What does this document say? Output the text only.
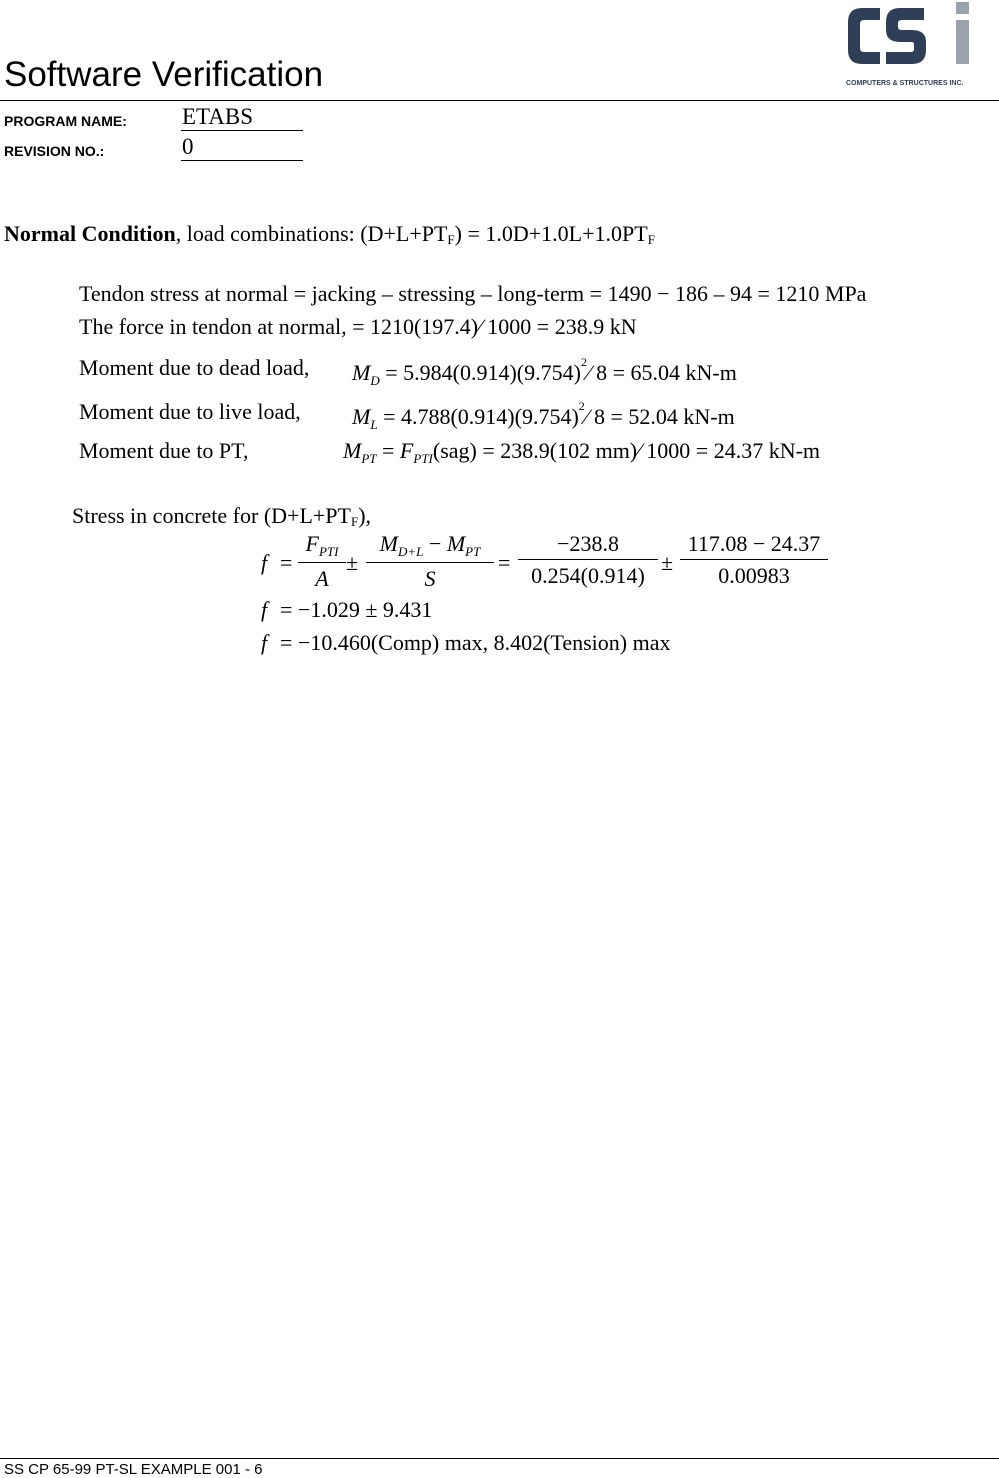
Software Verification	COMPUTERS & STRUCTURES INC.
PROGRAM NAME: ETABS
REVISION NO.:	0
Normal Condition, load combinations: $(D+L+PT_F) = 1.0D+1.0L+1.0PT_F$
Tendon stress at normal = jacking – stressing – long-term = 1490 − 186 – 94 = 1210 MPa
The force in tendon at normal, = 1210(197.4)∕ 1000 = 238.9 kN
Moment due to dead load, $M_D$ = $5.984(0.914)(9.754)^2∕$ 8 = 65.04 kN-m
Moment due to live load, $M_L$ = $4.788(0.914)(9.754)^2∕$ 8 = 52.04 kN-m
Moment due to PT,	$M_{PT} = F_{PTI}(sag) = 238.9(102$ mm)∕ 1000 = 24.37 kN-m
Stress in concrete for $(D+L+PT_F)$,
f =
$F_{PTI}$
A
±
$M_{D+L} - M_{PT}$
S
=
−238.8
0.254(0.914)
±
117.08 − 24.37
0.00983
f = −1.029 ± 9.431
f = −10.460(Comp) max, 8.402(Tension) max
SS CP 65-99 PT-SL EXAMPLE 001 - 6
